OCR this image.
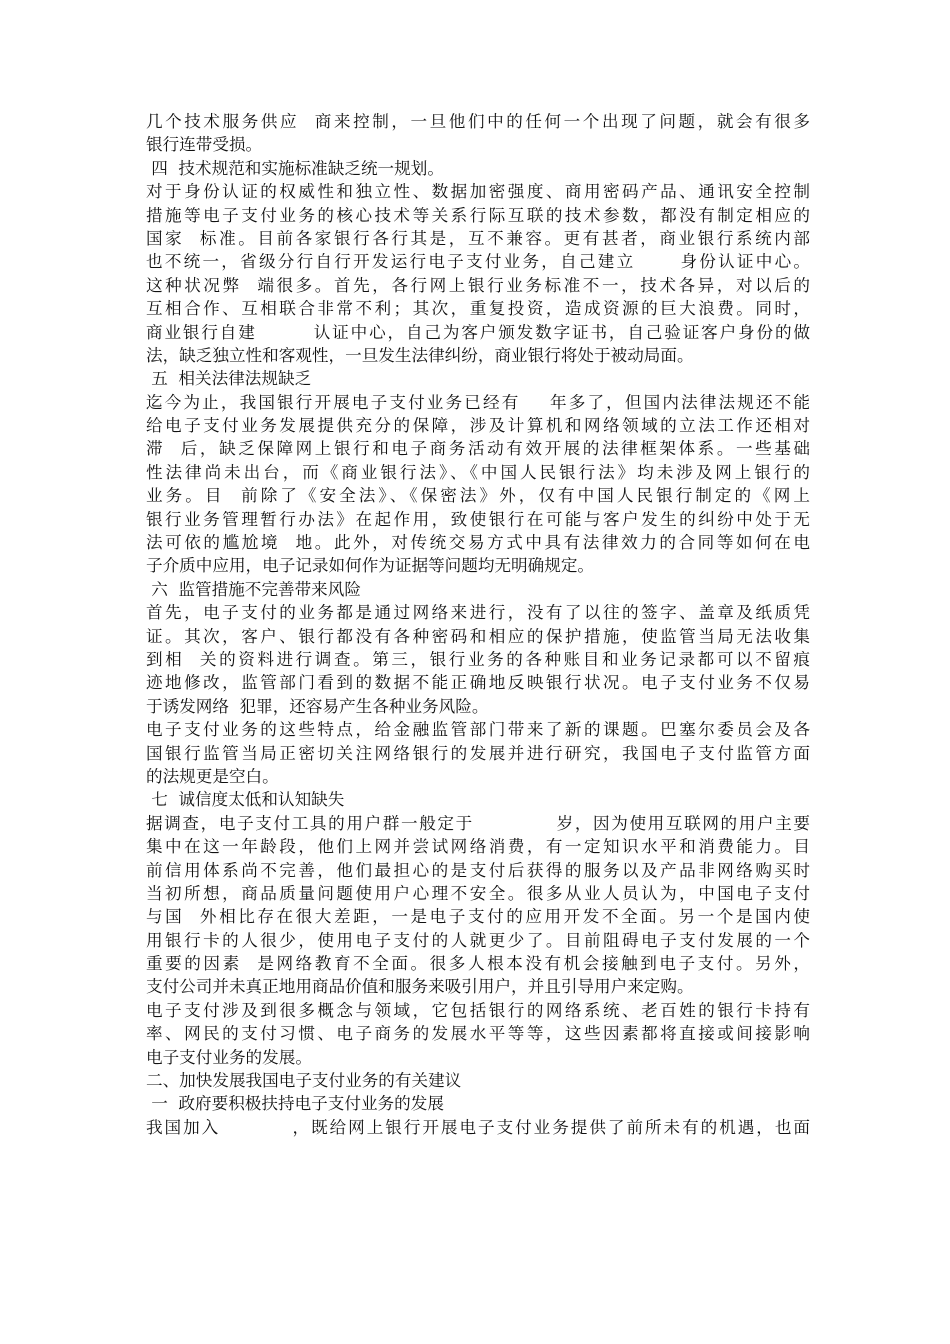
几个技术服务供应  商来控制，一旦他们中的任何一个出现了问题，就会有很多
银行连带受损。
四  技术规范和实施标准缺乏统一规划。
对于身份认证的权威性和独立性、数据加密强度、商用密码产品、通讯安全控制
措施等电子支付业务的核心技术等关系行际互联的技术参数，都没有制定相应的
国家  标准。目前各家银行各行其是，互不兼容。更有甚者，商业银行系统内部
也不统一，省级分行自行开发运行电子支付业务，自己建立      身份认证中心。
这种状况弊  端很多。首先，各行网上银行业务标准不一，技术各异，对以后的
互相合作、互相联合非常不利；其次，重复投资，造成资源的巨大浪费。同时，
商业银行自建        认证中心，自己为客户颁发数字证书，自己验证客户身份的做
法，缺乏独立性和客观性，一旦发生法律纠纷，商业银行将处于被动局面。
五  相关法律法规缺乏
迄今为止，我国银行开展电子支付业务已经有    年多了，但国内法律法规还不能
给电子支付业务发展提供充分的保障，涉及计算机和网络领域的立法工作还相对
滞  后，缺乏保障网上银行和电子商务活动有效开展的法律框架体系。一些基础
性法律尚未出台，而《商业银行法》、《中国人民银行法》均未涉及网上银行的
业务。目  前除了《安全法》、《保密法》外，仅有中国人民银行制定的《网上
银行业务管理暂行办法》在起作用，致使银行在可能与客户发生的纠纷中处于无
法可依的尴尬境  地。此外，对传统交易方式中具有法律效力的合同等如何在电
子介质中应用，电子记录如何作为证据等问题均无明确规定。
六  监管措施不完善带来风险
首先，电子支付的业务都是通过网络来进行，没有了以往的签字、盖章及纸质凭
证。其次，客户、银行都没有各种密码和相应的保护措施，使监管当局无法收集
到相  关的资料进行调查。第三，银行业务的各种账目和业务记录都可以不留痕
迹地修改，监管部门看到的数据不能正确地反映银行状况。电子支付业务不仅易
于诱发网络  犯罪，还容易产生各种业务风险。
电子支付业务的这些特点，给金融监管部门带来了新的课题。巴塞尔委员会及各
国银行监管当局正密切关注网络银行的发展并进行研究，我国电子支付监管方面
的法规更是空白。
七  诚信度太低和认知缺失
据调查，电子支付工具的用户群一般定于            岁，因为使用互联网的用户主要
集中在这一年龄段，他们上网并尝试网络消费，有一定知识水平和消费能力。目
前信用体系尚不完善，他们最担心的是支付后获得的服务以及产品非网络购买时
当初所想，商品质量问题使用户心理不安全。很多从业人员认为，中国电子支付
与国  外相比存在很大差距，一是电子支付的应用开发不全面。另一个是国内使
用银行卡的人很少，使用电子支付的人就更少了。目前阻碍电子支付发展的一个
重要的因素  是网络教育不全面。很多人根本没有机会接触到电子支付。另外，
支付公司并未真正地用商品价值和服务来吸引用户，并且引导用户来定购。
电子支付涉及到很多概念与领域，它包括银行的网络系统、老百姓的银行卡持有
率、网民的支付习惯、电子商务的发展水平等等，这些因素都将直接或间接影响
电子支付业务的发展。
二、加快发展我国电子支付业务的有关建议
一  政府要积极扶持电子支付业务的发展
我国加入          ，既给网上银行开展电子支付业务提供了前所未有的机遇，也面
